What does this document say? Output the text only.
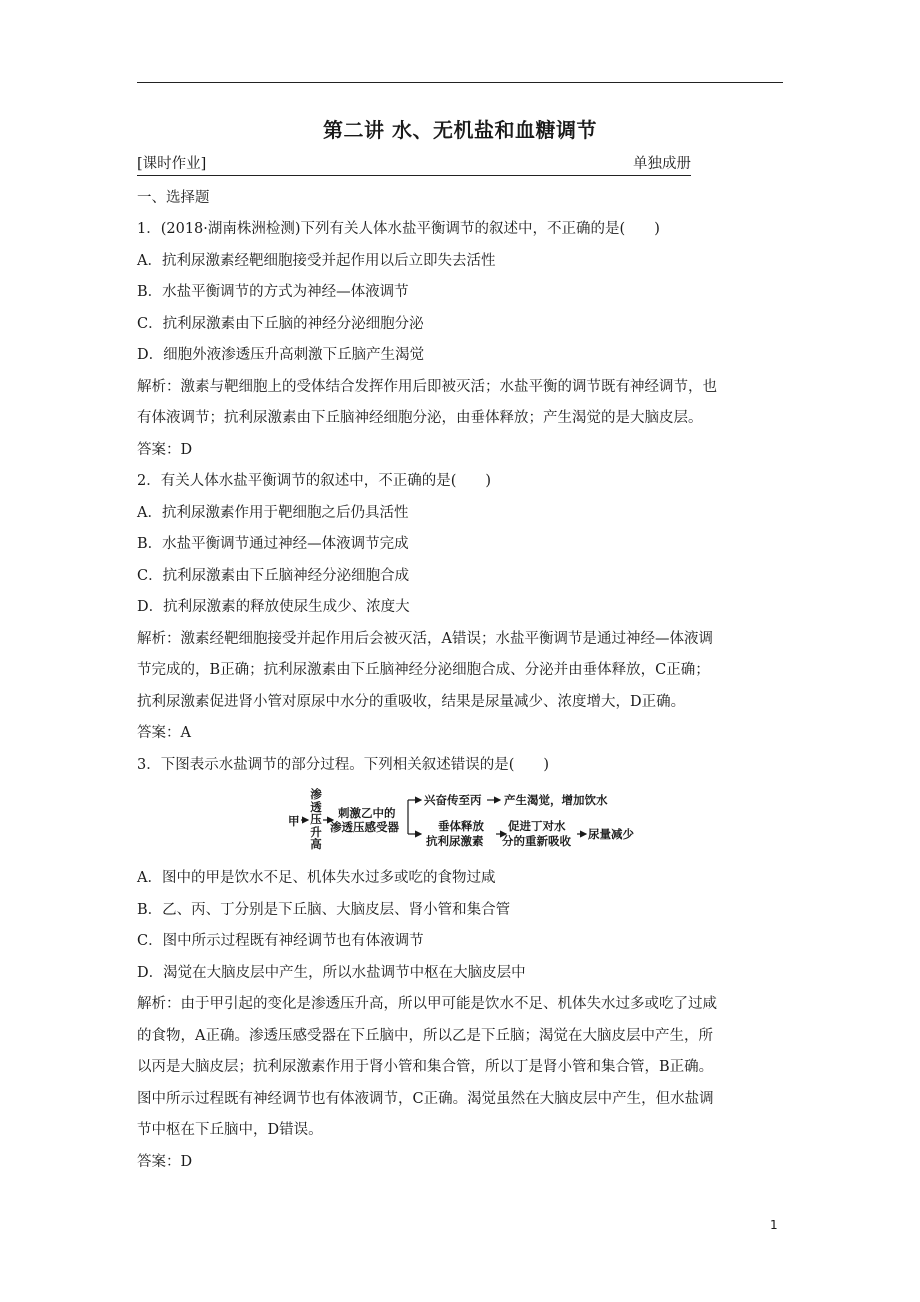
第二讲 水、无机盐和血糖调节
[课时作业]	单独成册
一、选择题
1．(2018·湖南株洲检测)下列有关人体水盐平衡调节的叙述中，不正确的是(　　)
A．抗利尿激素经靶细胞接受并起作用以后立即失去活性
B．水盐平衡调节的方式为神经—体液调节
C．抗利尿激素由下丘脑的神经分泌细胞分泌
D．细胞外液渗透压升高刺激下丘脑产生渴觉
解析：激素与靶细胞上的受体结合发挥作用后即被灭活；水盐平衡的调节既有神经调节，也
有体液调节；抗利尿激素由下丘脑神经细胞分泌，由垂体释放；产生渴觉的是大脑皮层。
答案：D
2．有关人体水盐平衡调节的叙述中，不正确的是(　　)
A．抗利尿激素作用于靶细胞之后仍具活性
B．水盐平衡调节通过神经—体液调节完成
C．抗利尿激素由下丘脑神经分泌细胞合成
D．抗利尿激素的释放使尿生成少、浓度大
解析：激素经靶细胞接受并起作用后会被灭活，A错误；水盐平衡调节是通过神经—体液调
节完成的，B正确；抗利尿激素由下丘脑神经分泌细胞合成、分泌并由垂体释放，C正确；
抗利尿激素促进肾小管对原尿中水分的重吸收，结果是尿量减少、浓度增大，D正确。
答案：A
3．下图表示水盐调节的部分过程。下列相关叙述错误的是(　　)
甲
渗透压升高
刺激乙中的
渗透压感受器
兴奋传至丙 产生渴觉，增加饮水
垂体释放
抗利尿激素
促进丁对水
分的重新吸收 尿量减少
A．图中的甲是饮水不足、机体失水过多或吃的食物过咸
B．乙、丙、丁分别是下丘脑、大脑皮层、肾小管和集合管
C．图中所示过程既有神经调节也有体液调节
D．渴觉在大脑皮层中产生，所以水盐调节中枢在大脑皮层中
解析：由于甲引起的变化是渗透压升高，所以甲可能是饮水不足、机体失水过多或吃了过咸
的食物，A正确。渗透压感受器在下丘脑中，所以乙是下丘脑；渴觉在大脑皮层中产生，所
以丙是大脑皮层；抗利尿激素作用于肾小管和集合管，所以丁是肾小管和集合管，B正确。
图中所示过程既有神经调节也有体液调节，C正确。渴觉虽然在大脑皮层中产生，但水盐调
节中枢在下丘脑中，D错误。
答案：D
1
